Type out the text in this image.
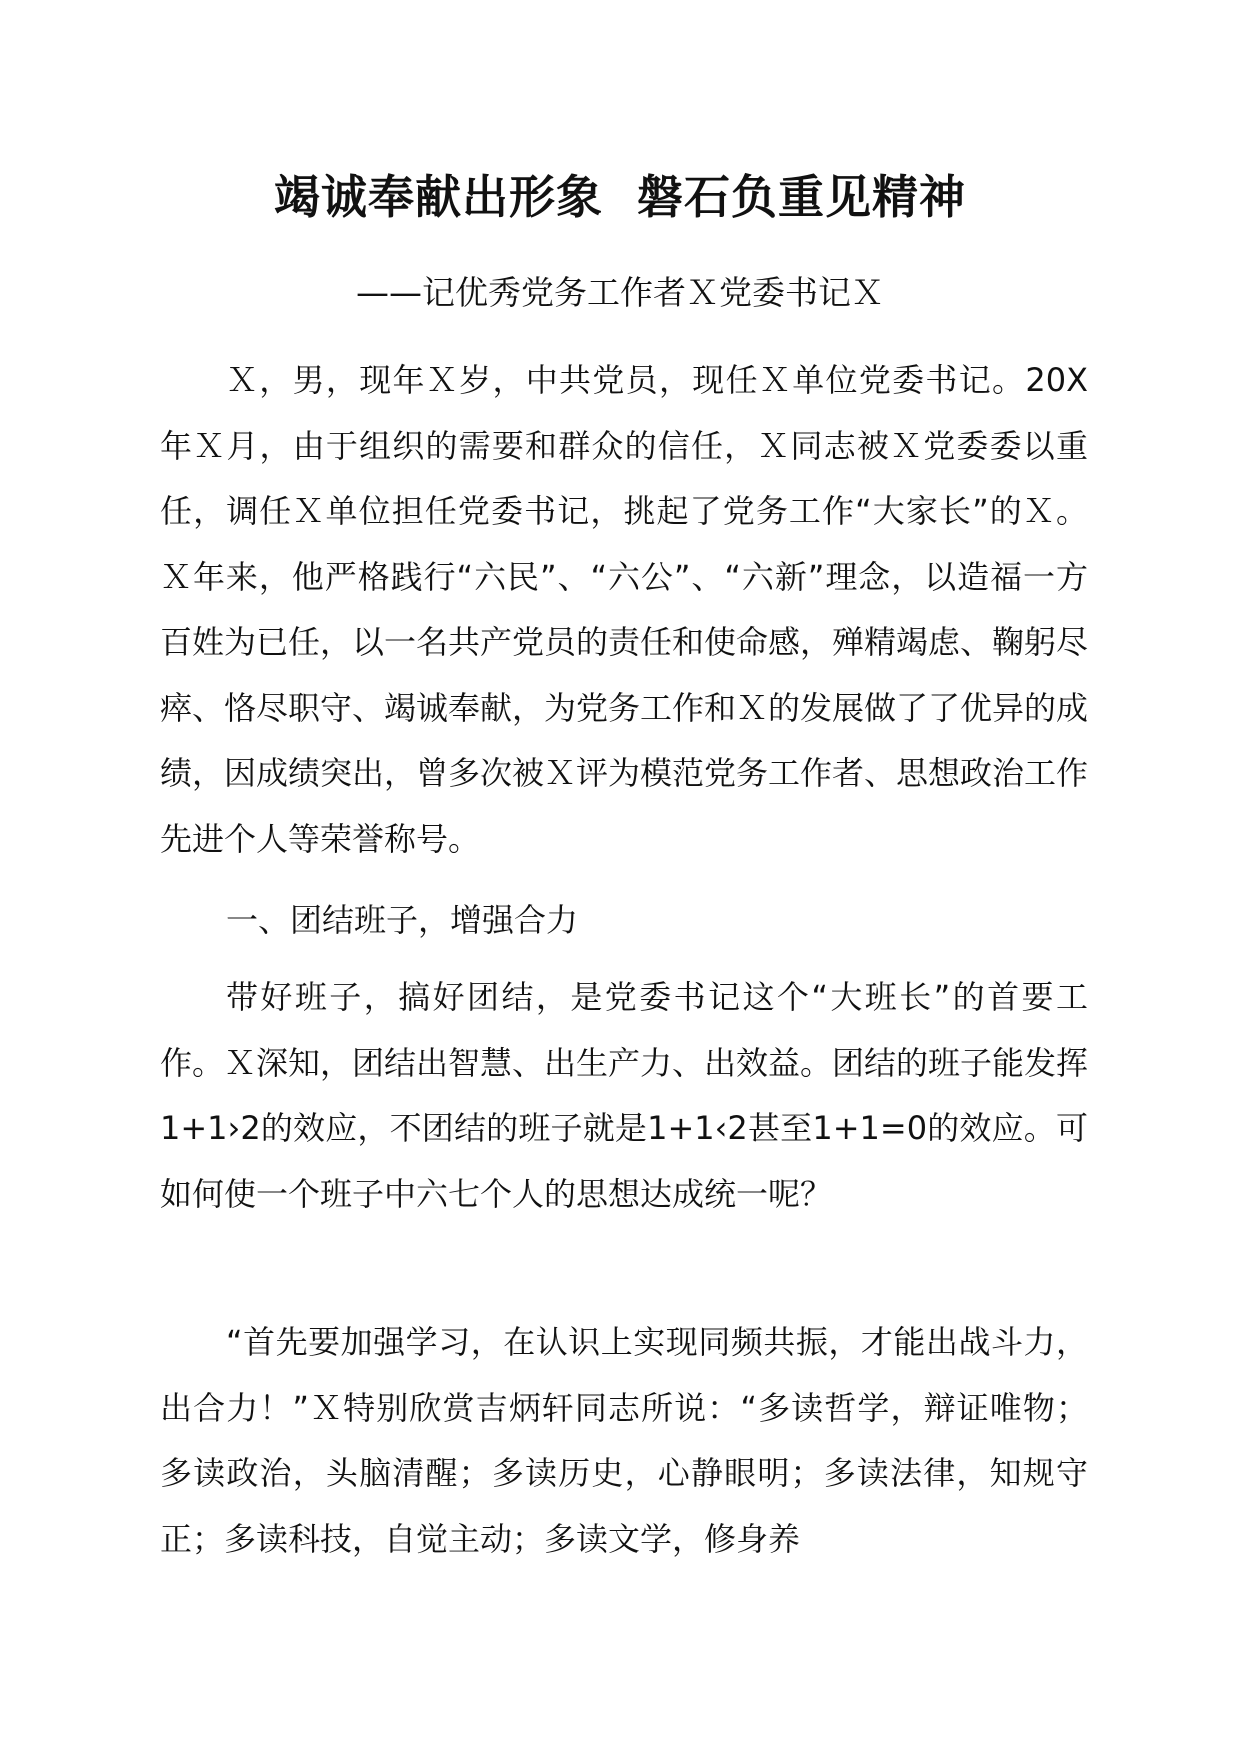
竭诚奉献出形象  磐石负重见精神
——记优秀党务工作者Ｘ党委书记Ｘ

Ｘ，男，现年Ｘ岁，中共党员，现任Ｘ单位党委书记。20X年Ｘ月，由于组织的需要和群众的信任，Ｘ同志被Ｘ党委委以重任，调任Ｘ单位担任党委书记，挑起了党务工作“大家长”的Ｘ。Ｘ年来，他严格践行“六民”、“六公”、“六新”理念，以造福一方百姓为已任，以一名共产党员的责任和使命感，殚精竭虑、鞠躬尽瘁、恪尽职守、竭诚奉献，为党务工作和Ｘ的发展做了了优异的成绩，因成绩突出，曾多次被Ｘ评为模范党务工作者、思想政治工作先进个人等荣誉称号。

一、团结班子，增强合力

带好班子，搞好团结，是党委书记这个“大班长”的首要工作。Ｘ深知，团结出智慧、出生产力、出效益。团结的班子能发挥1+1›2的效应，不团结的班子就是1+1‹2甚至1+1=0的效应。可如何使一个班子中六七个人的思想达成统一呢？

“首先要加强学习，在认识上实现同频共振，才能出战斗力，出合力！”Ｘ特别欣赏吉炳轩同志所说：“多读哲学，辩证唯物；多读政治，头脑清醒；多读历史，心静眼明；多读法律，知规守正；多读科技，自觉主动；多读文学，修身养
